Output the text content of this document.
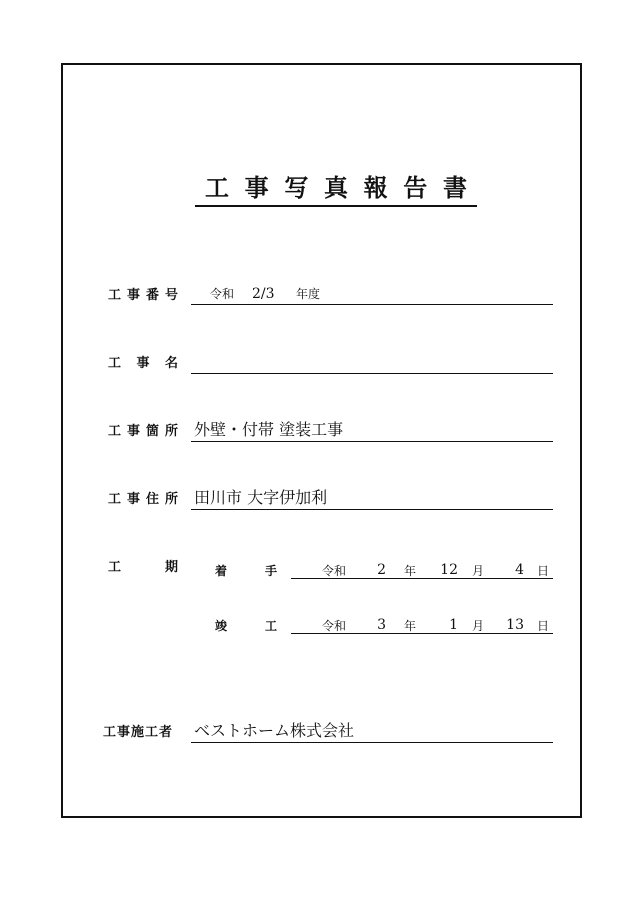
工 事 写 真 報 告 書
工 事 番 号	令和 2/3 年度
工 事 名
工 事 箇 所 外壁・付帯 塗装工事
工 事 住 所 田川市 大字伊加利
工	期	着	手	令和	2 年	12 月	4 日
竣	工	令和	3 年	1 月	13 日
工事施工者 ベストホーム株式会社
